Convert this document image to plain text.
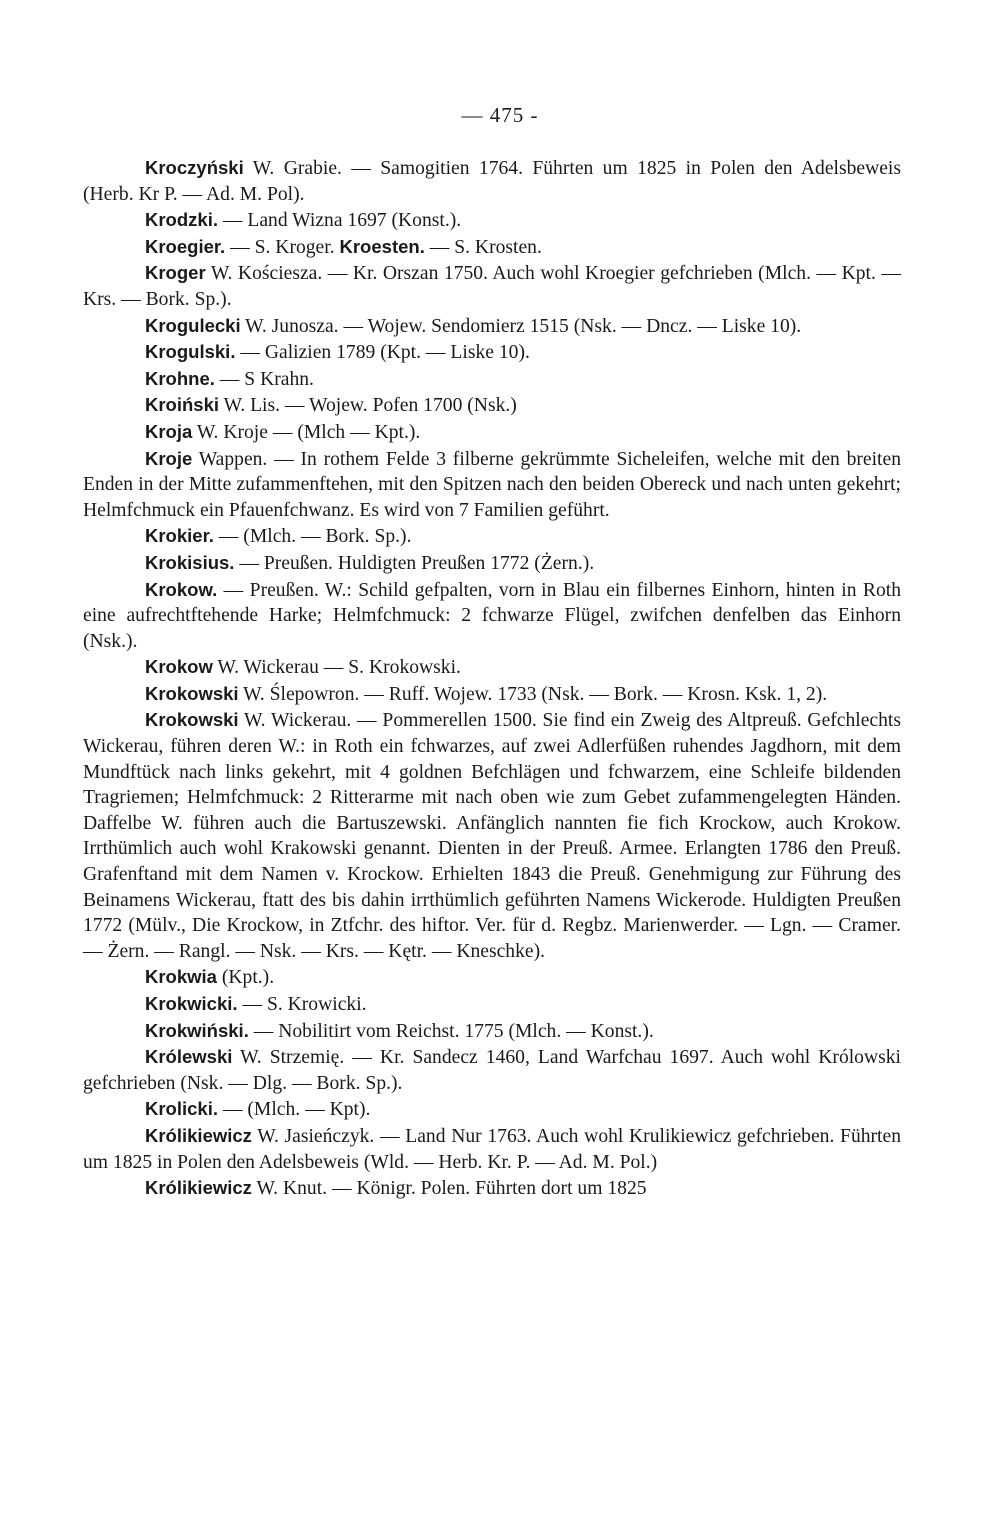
— 475 -

Kroczyński W. Grabie. — Samogitien 1764. Führten um 1825 in Polen den Adelsbeweis (Herb. Kr P. — Ad. M. Pol).

Krodzki. — Land Wizna 1697 (Konst.).

Kroegier. — S. Kroger. Kroesten. — S. Krosten.

Kroger W. Kościesza. — Kr. Orszan 1750. Auch wohl Kroegier gefchrieben (Mlch. — Kpt. — Krs. — Bork. Sp.).

Krogulecki W. Junosza. — Wojew. Sendomierz 1515 (Nsk. — Dncz. — Liske 10).

Krogulski. — Galizien 1789 (Kpt. — Liske 10).

Krohne. — S Krahn.

Kroiński W. Lis. — Wojew. Pofen 1700 (Nsk.)

Kroja W. Kroje — (Mlch — Kpt.).

Kroje Wappen. — In rothem Felde 3 filberne gekrümmte Sicheleifen, welche mit den breiten Enden in der Mitte zufammenftehen, mit den Spitzen nach den beiden Obereck und nach unten gekehrt; Helmfchmuck ein Pfauenfchwanz. Es wird von 7 Familien geführt.

Krokier. — (Mlch. — Bork. Sp.).

Krokisius. — Preußen. Huldigten Preußen 1772 (Żern.).

Krokow. — Preußen. W.: Schild gefpalten, vorn in Blau ein filbernes Einhorn, hinten in Roth eine aufrechtftehende Harke; Helmfchmuck: 2 fchwarze Flügel, zwifchen denfelben das Einhorn (Nsk.).

Krokow W. Wickerau — S. Krokowski.

Krokowski W. Ślepowron. — Ruff. Wojew. 1733 (Nsk. — Bork. — Krosn. Ksk. 1, 2).

Krokowski W. Wickerau. — Pommerellen 1500. Sie find ein Zweig des Altpreuß. Gefchlechts Wickerau, führen deren W.: in Roth ein fchwarzes, auf zwei Adlerfüßen ruhendes Jagdhorn, mit dem Mundftück nach links gekehrt, mit 4 goldnen Befchlägen und fchwarzem, eine Schleife bildenden Tragriemen; Helmfchmuck: 2 Ritterarme mit nach oben wie zum Gebet zufammengelegten Händen. Daffelbe W. führen auch die Bartuszewski. Anfänglich nannten fie fich Krockow, auch Krokow. Irrthümlich auch wohl Krakowski genannt. Dienten in der Preuß. Armee. Erlangten 1786 den Preuß. Grafenftand mit dem Namen v. Krockow. Erhielten 1843 die Preuß. Genehmigung zur Führung des Beinamens Wickerau, ftatt des bis dahin irrthümlich geführten Namens Wickerode. Huldigten Preußen 1772 (Mülv., Die Krockow, in Ztfchr. des hiftor. Ver. für d. Regbz. Marienwerder. — Lgn. — Cramer. — Żern. — Rangl. — Nsk. — Krs. — Kętr. — Kneschke).

Krokwia (Kpt.).

Krokwicki. — S. Krowicki.

Krokwiński. — Nobilitirt vom Reichst. 1775 (Mlch. — Konst.).

Królewski W. Strzemię. — Kr. Sandecz 1460, Land Warfchau 1697. Auch wohl Królowski gefchrieben (Nsk. — Dlg. — Bork. Sp.).

Krolicki. — (Mlch. — Kpt).

Królikiewicz W. Jasieńczyk. — Land Nur 1763. Auch wohl Krulikiewicz gefchrieben. Führten um 1825 in Polen den Adelsbeweis (Wld. — Herb. Kr. P. — Ad. M. Pol.)

Królikiewicz W. Knut. — Königr. Polen. Führten dort um 1825
